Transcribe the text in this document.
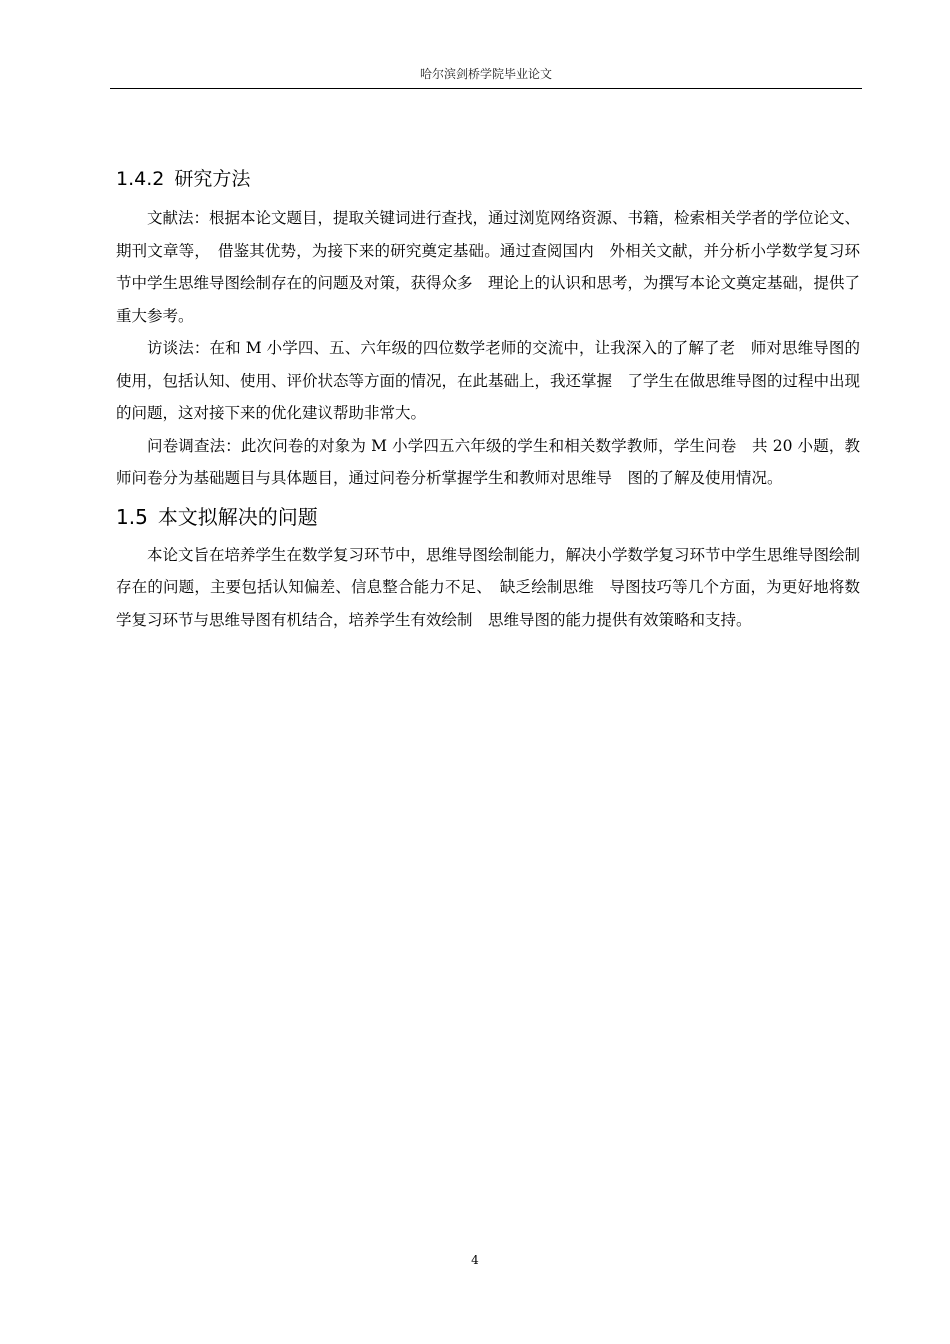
哈尔滨剑桥学院毕业论文
1.4.2 研究方法

文献法：根据本论文题目，提取关键词进行查找，通过浏览网络资源、书籍，检索相关学者的学位论文、期刊文章等，　借鉴其优势，为接下来的研究奠定基础。通过查阅国内　外相关文献，并分析小学数学复习环节中学生思维导图绘制存在的问题及对策，获得众多　理论上的认识和思考，为撰写本论文奠定基础，提供了重大参考。

访谈法：在和 M 小学四、五、六年级的四位数学老师的交流中，让我深入的了解了老　师对思维导图的使用，包括认知、使用、评价状态等方面的情况，在此基础上，我还掌握　了学生在做思维导图的过程中出现的问题，这对接下来的优化建议帮助非常大。

问卷调查法：此次问卷的对象为 M 小学四五六年级的学生和相关数学教师，学生问卷　共 20 小题，教师问卷分为基础题目与具体题目，通过问卷分析掌握学生和教师对思维导　图的了解及使用情况。

1.5 本文拟解决的问题

本论文旨在培养学生在数学复习环节中，思维导图绘制能力，解决小学数学复习环节中学生思维导图绘制存在的问题，主要包括认知偏差、信息整合能力不足、　缺乏绘制思维　导图技巧等几个方面，为更好地将数学复习环节与思维导图有机结合，培养学生有效绘制　思维导图的能力提供有效策略和支持。

4
